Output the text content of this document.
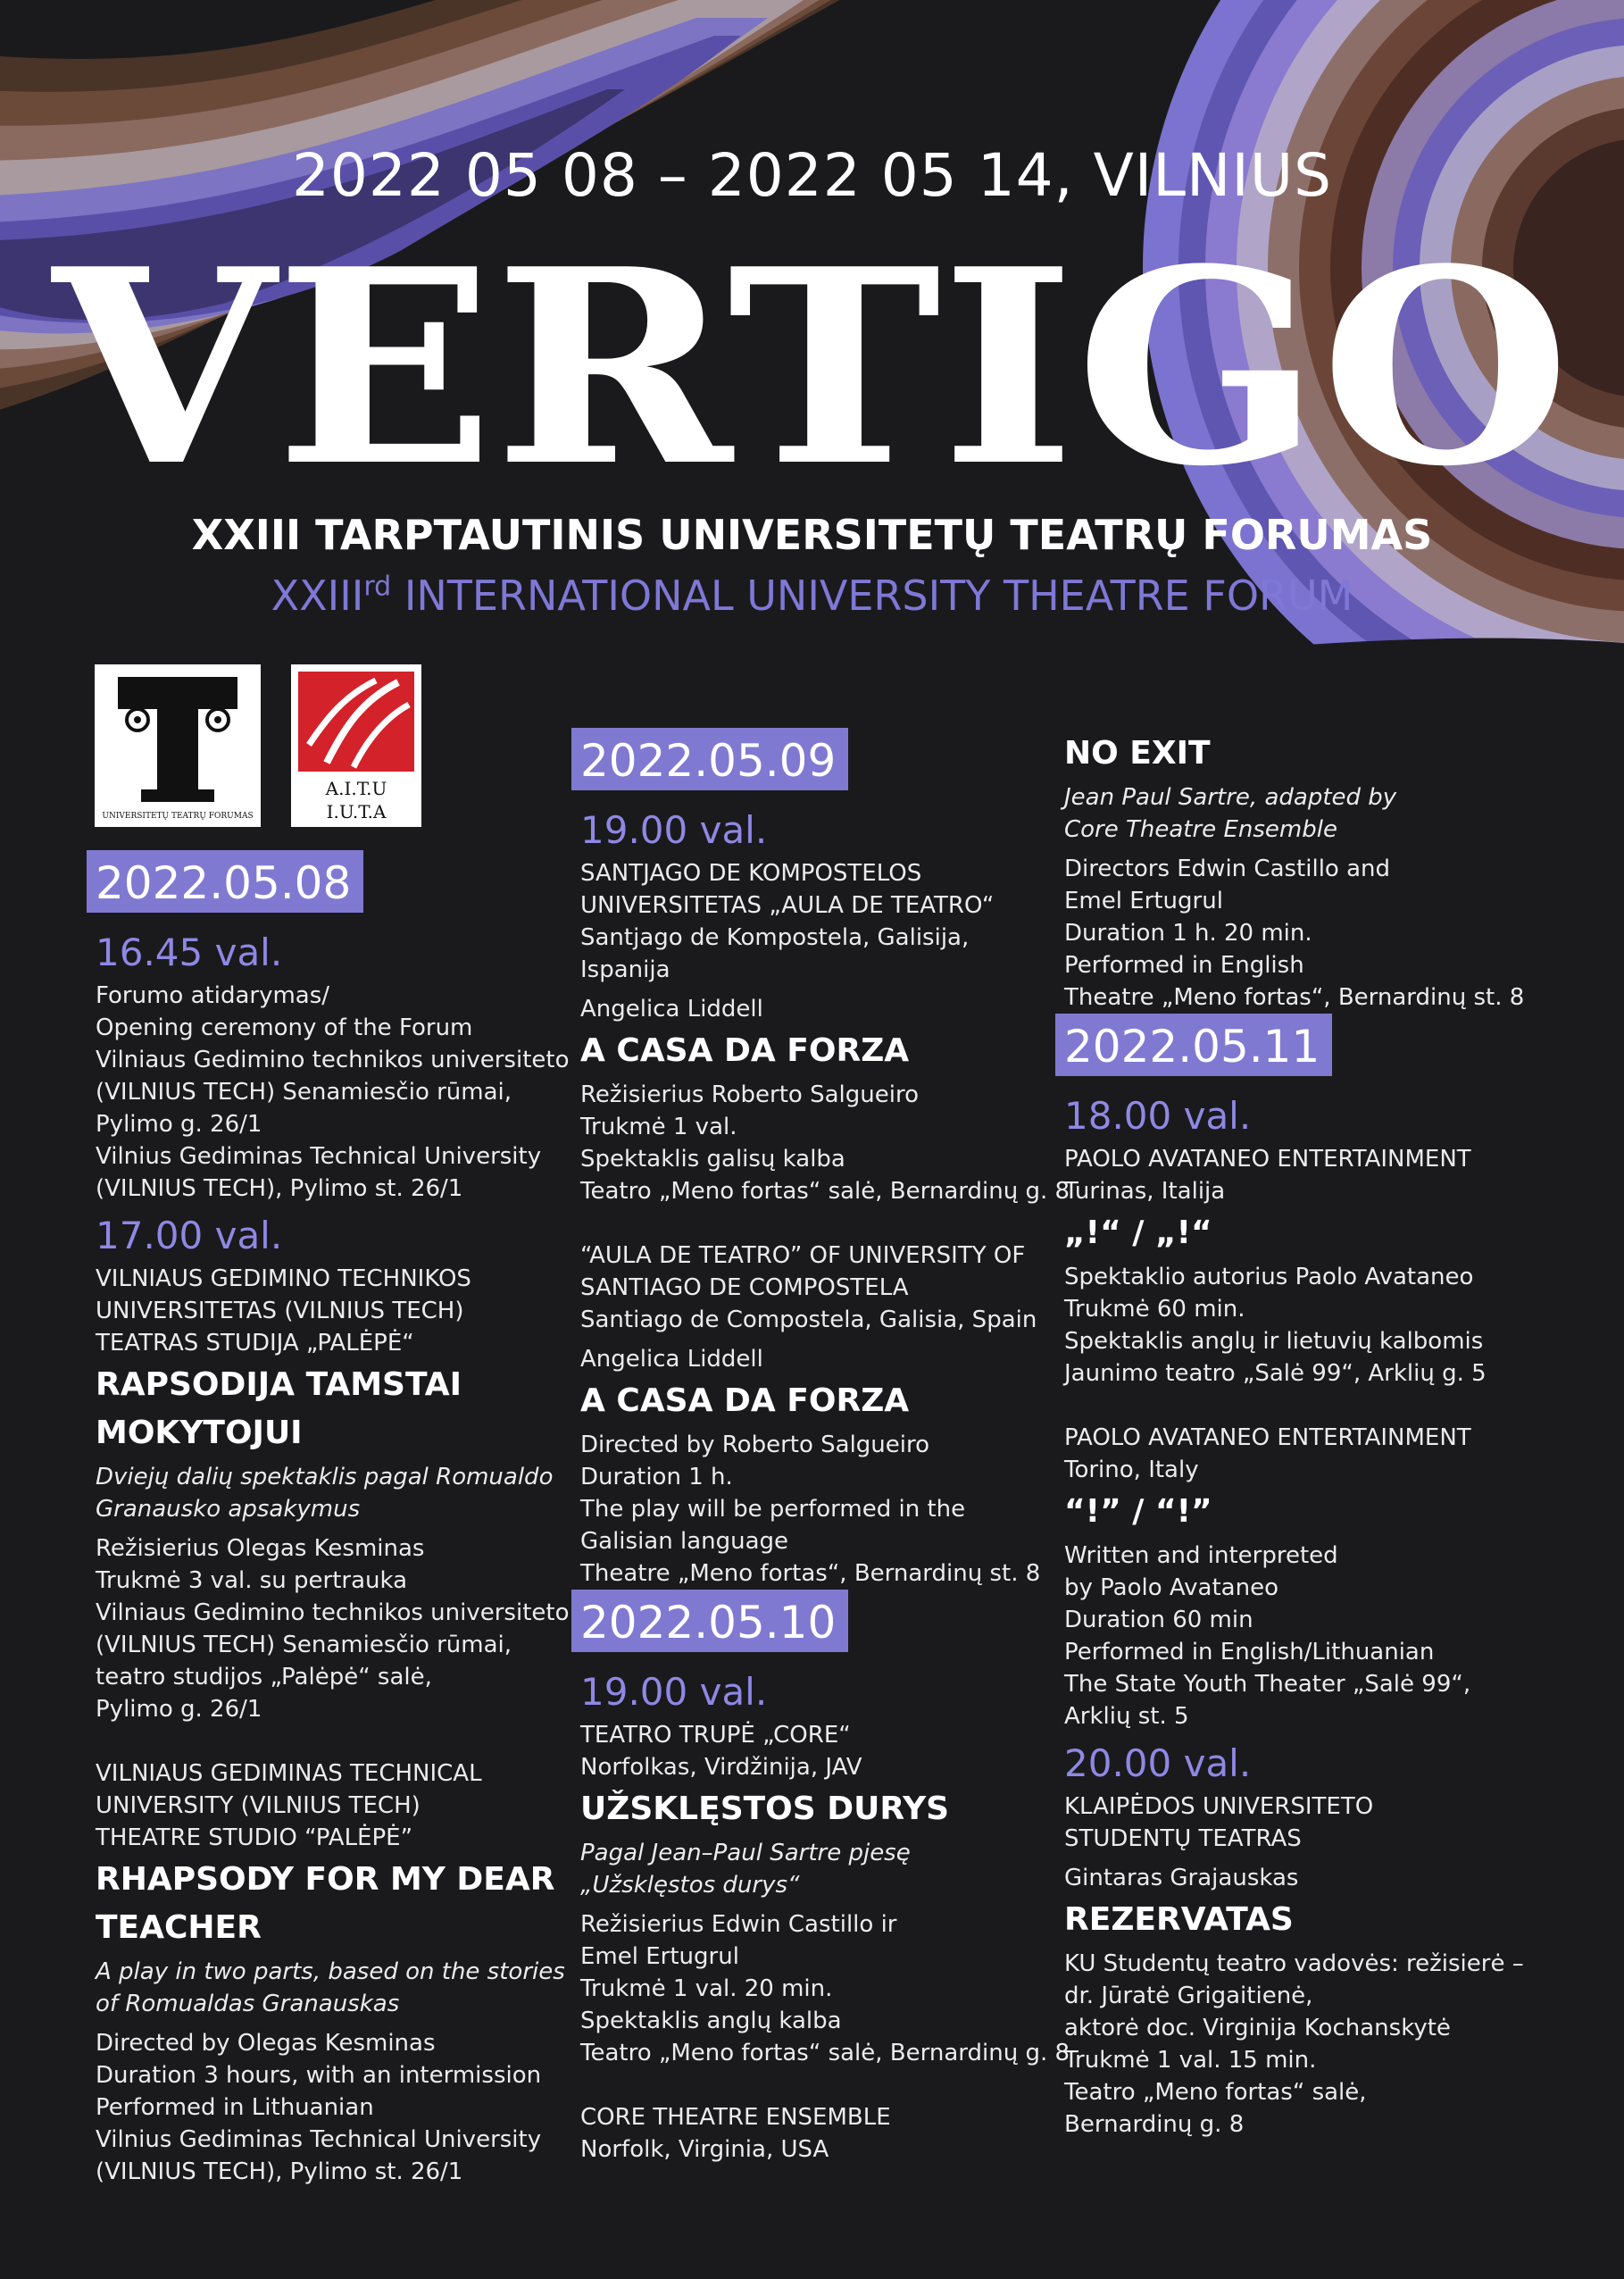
2022 05 08 – 2022 05 14, VILNIUS
VERTIGO
XXIII TARPTAUTINIS UNIVERSITETŲ TEATRŲ FORUMAS
XXIIIrd INTERNATIONAL UNIVERSITY THEATRE FORUM
UNIVERSITETŲ TEATRŲ FORUMAS
A.I.T.U
I.U.T.A
2022.05.08
16.45 val.
Forumo atidarymas/
Opening ceremony of the Forum
Vilniaus Gedimino technikos universiteto
(VILNIUS TECH) Senamiesčio rūmai,
Pylimo g. 26/1
Vilnius Gediminas Technical University
(VILNIUS TECH), Pylimo st. 26/1
17.00 val.
VILNIAUS GEDIMINO TECHNIKOS
UNIVERSITETAS (VILNIUS TECH)
TEATRAS STUDIJA „PALĖPĖ“
RAPSODIJA TAMSTAI
MOKYTOJUI
Dviejų dalių spektaklis pagal Romualdo
Granausko apsakymus
Režisierius Olegas Kesminas
Trukmė 3 val. su pertrauka
Vilniaus Gedimino technikos universiteto
(VILNIUS TECH) Senamiesčio rūmai,
teatro studijos „Palėpė“ salė,
Pylimo g. 26/1
VILNIAUS GEDIMINAS TECHNICAL
UNIVERSITY (VILNIUS TECH)
THEATRE STUDIO “PALĖPĖ”
RHAPSODY FOR MY DEAR
TEACHER
A play in two parts, based on the stories
of Romualdas Granauskas
Directed by Olegas Kesminas
Duration 3 hours, with an intermission
Performed in Lithuanian
Vilnius Gediminas Technical University
(VILNIUS TECH), Pylimo st. 26/1
2022.05.09
19.00 val.
SANTJAGO DE KOMPOSTELOS
UNIVERSITETAS „AULA DE TEATRO“
Santjago de Kompostela, Galisija,
Ispanija
Angelica Liddell
A CASA DA FORZA
Režisierius Roberto Salgueiro
Trukmė 1 val.
Spektaklis galisų kalba
Teatro „Meno fortas“ salė, Bernardinų g. 8
“AULA DE TEATRO” OF UNIVERSITY OF
SANTIAGO DE COMPOSTELA
Santiago de Compostela, Galisia, Spain
Angelica Liddell
A CASA DA FORZA
Directed by Roberto Salgueiro
Duration 1 h.
The play will be performed in the
Galisian language
Theatre „Meno fortas“, Bernardinų st. 8
2022.05.10
19.00 val.
TEATRO TRUPĖ „CORE“
Norfolkas, Virdžinija, JAV
UŽSKLĘSTOS DURYS
Pagal Jean–Paul Sartre pjesę
„Užsklęstos durys“
Režisierius Edwin Castillo ir
Emel Ertugrul
Trukmė 1 val. 20 min.
Spektaklis anglų kalba
Teatro „Meno fortas“ salė, Bernardinų g. 8
CORE THEATRE ENSEMBLE
Norfolk, Virginia, USA
NO EXIT
Jean Paul Sartre, adapted by
Core Theatre Ensemble
Directors Edwin Castillo and
Emel Ertugrul
Duration 1 h. 20 min.
Performed in English
Theatre „Meno fortas“, Bernardinų st. 8
2022.05.11
18.00 val.
PAOLO AVATANEO ENTERTAINMENT
Turinas, Italija
„!“ / „!“
Spektaklio autorius Paolo Avataneo
Trukmė 60 min.
Spektaklis anglų ir lietuvių kalbomis
Jaunimo teatro „Salė 99“, Arklių g. 5
PAOLO AVATANEO ENTERTAINMENT
Torino, Italy
“!” / “!”
Written and interpreted
by Paolo Avataneo
Duration 60 min
Performed in English/Lithuanian
The State Youth Theater „Salė 99“,
Arklių st. 5
20.00 val.
KLAIPĖDOS UNIVERSITETO
STUDENTŲ TEATRAS
Gintaras Grajauskas
REZERVATAS
KU Studentų teatro vadovės: režisierė –
dr. Jūratė Grigaitienė,
aktorė doc. Virginija Kochanskytė
Trukmė 1 val. 15 min.
Teatro „Meno fortas“ salė,
Bernardinų g. 8
